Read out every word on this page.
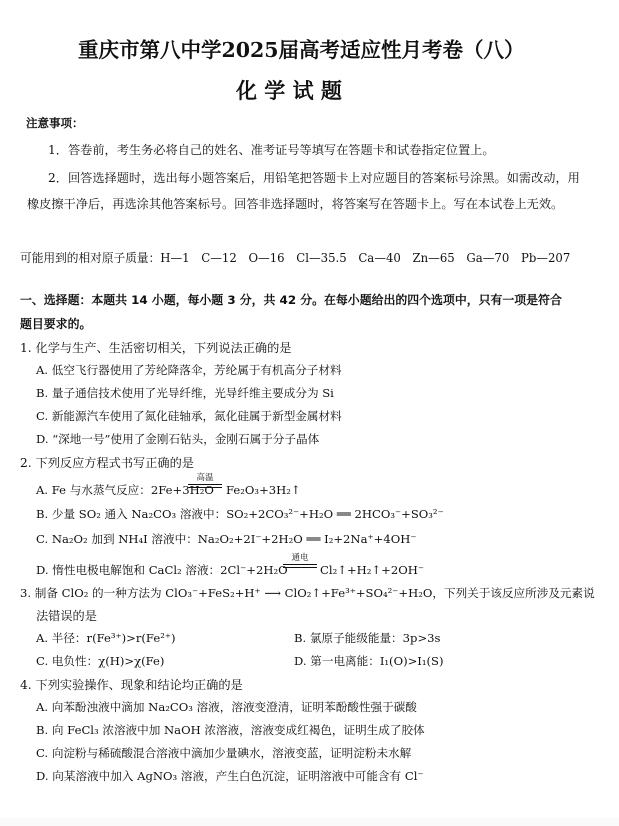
重庆市第八中学2025届高考适应性月考卷（八）
化 学 试 题
注意事项：
1．答卷前，考生务必将自己的姓名、准考证号等填写在答题卡和试卷指定位置上。
2．回答选择题时，选出每小题答案后，用铅笔把答题卡上对应题目的答案标号涂黑。如需改动，用
橡皮擦干净后，再选涂其他答案标号。回答非选择题时，将答案写在答题卡上。写在本试卷上无效。
可能用到的相对原子质量：H—1　C—12　O—16　Cl—35.5　Ca—40　Zn—65　Ga—70　Pb—207
一、选择题：本题共 14 小题，每小题 3 分，共 42 分。在每小题给出的四个选项中，只有一项是符合
题目要求的。
1. 化学与生产、生活密切相关，下列说法正确的是
A. 低空飞行器使用了芳纶降落伞，芳纶属于有机高分子材料
B. 量子通信技术使用了光导纤维，光导纤维主要成分为 Si
C. 新能源汽车使用了氮化硅轴承，氮化硅属于新型金属材料
D. “深地一号”使用了金刚石钻头，金刚石属于分子晶体
2. 下列反应方程式书写正确的是
A. Fe 与水蒸气反应：2Fe+3H₂O
高温
Fe₂O₃+3H₂↑
B. 少量 SO₂ 通入 Na₂CO₃ 溶液中：SO₂+2CO₃²⁻+H₂O ══ 2HCO₃⁻+SO₃²⁻
C. Na₂O₂ 加到 NH₄I 溶液中：Na₂O₂+2I⁻+2H₂O ══ I₂+2Na⁺+4OH⁻
D. 惰性电极电解饱和 CaCl₂ 溶液：2Cl⁻+2H₂O
通电
Cl₂↑+H₂↑+2OH⁻
3. 制备 ClO₂ 的一种方法为 ClO₃⁻+FeS₂+H⁺ ⟶ ClO₂↑+Fe³⁺+SO₄²⁻+H₂O，下列关于该反应所涉及元素说
法错误的是
A. 半径：r(Fe³⁺)>r(Fe²⁺)	B. 氯原子能级能量：3p>3s
C. 电负性：χ(H)>χ(Fe)	D. 第一电离能：I₁(O)>I₁(S)
4. 下列实验操作、现象和结论均正确的是
A. 向苯酚浊液中滴加 Na₂CO₃ 溶液，溶液变澄清，证明苯酚酸性强于碳酸
B. 向 FeCl₃ 浓溶液中加 NaOH 浓溶液，溶液变成红褐色，证明生成了胶体
C. 向淀粉与稀硫酸混合溶液中滴加少量碘水，溶液变蓝，证明淀粉未水解
D. 向某溶液中加入 AgNO₃ 溶液，产生白色沉淀，证明溶液中可能含有 Cl⁻
